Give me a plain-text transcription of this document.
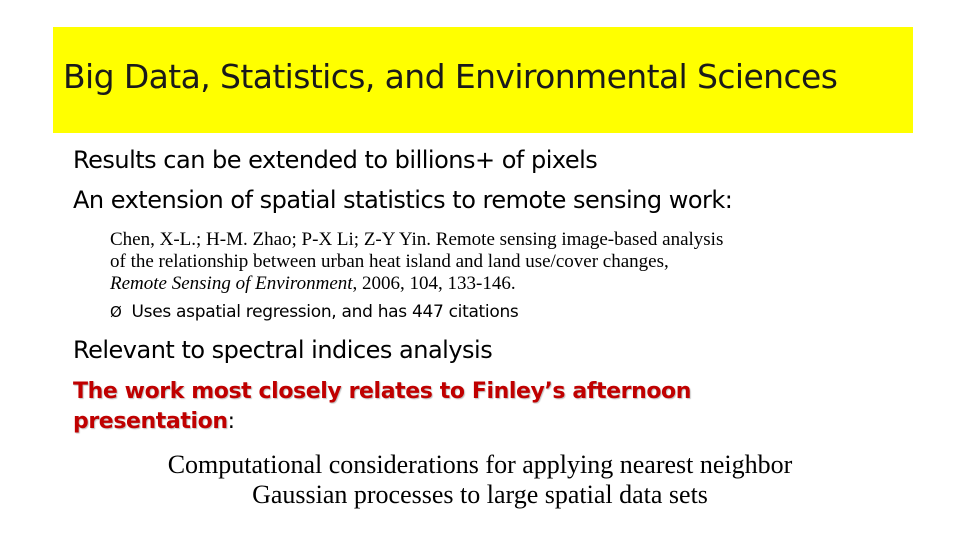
Big Data, Statistics, and Environmental Sciences
Results can be extended to billions+ of pixels
An extension of spatial statistics to remote sensing work:
Chen, X-L.; H-M. Zhao; P-X Li; Z-Y Yin. Remote sensing image-based analysis
of the relationship between urban heat island and land use/cover changes,
Remote Sensing of Environment, 2006, 104, 133-146.
Ø Uses aspatial regression, and has 447 citations
Relevant to spectral indices analysis
The work most closely relates to Finley’s afternoon
presentation:
Computational considerations for applying nearest neighbor
Gaussian processes to large spatial data sets
